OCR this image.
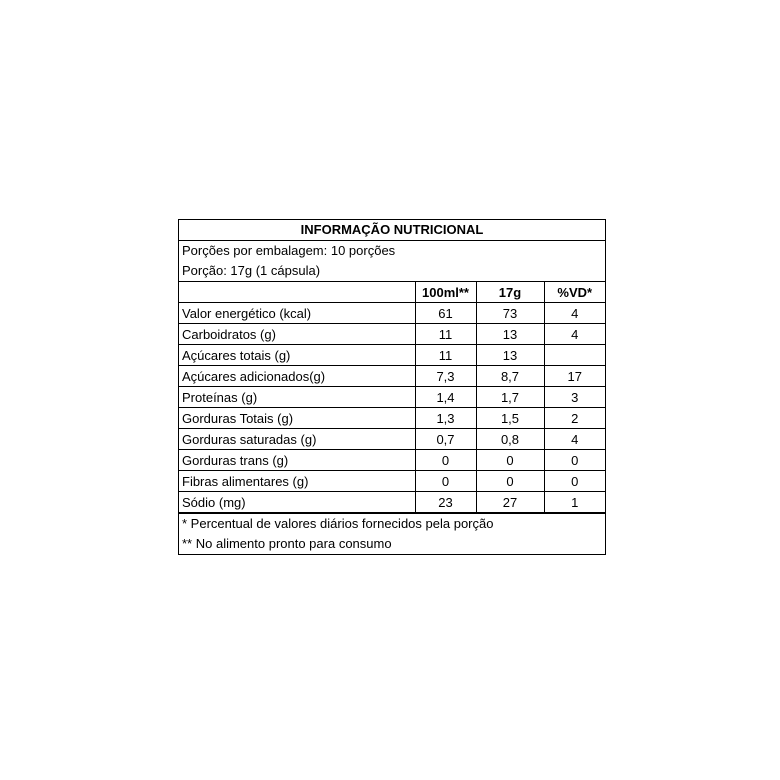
INFORMAÇÃO NUTRICIONAL
Porções por embalagem: 10 porções
Porção: 17g (1 cápsula)
	100ml**	17g	%VD*
Valor energético (kcal)	61	73	4
Carboidratos (g)	11	13	4
Açúcares totais (g)	11	13	
Açúcares adicionados(g)	7,3	8,7	17
Proteínas (g)	1,4	1,7	3
Gorduras Totais (g)	1,3	1,5	2
Gorduras saturadas (g)	0,7	0,8	4
Gorduras trans (g)	0	0	0
Fibras alimentares (g)	0	0	0
Sódio (mg)	23	27	1
* Percentual de valores diários fornecidos pela porção
** No alimento pronto para consumo
